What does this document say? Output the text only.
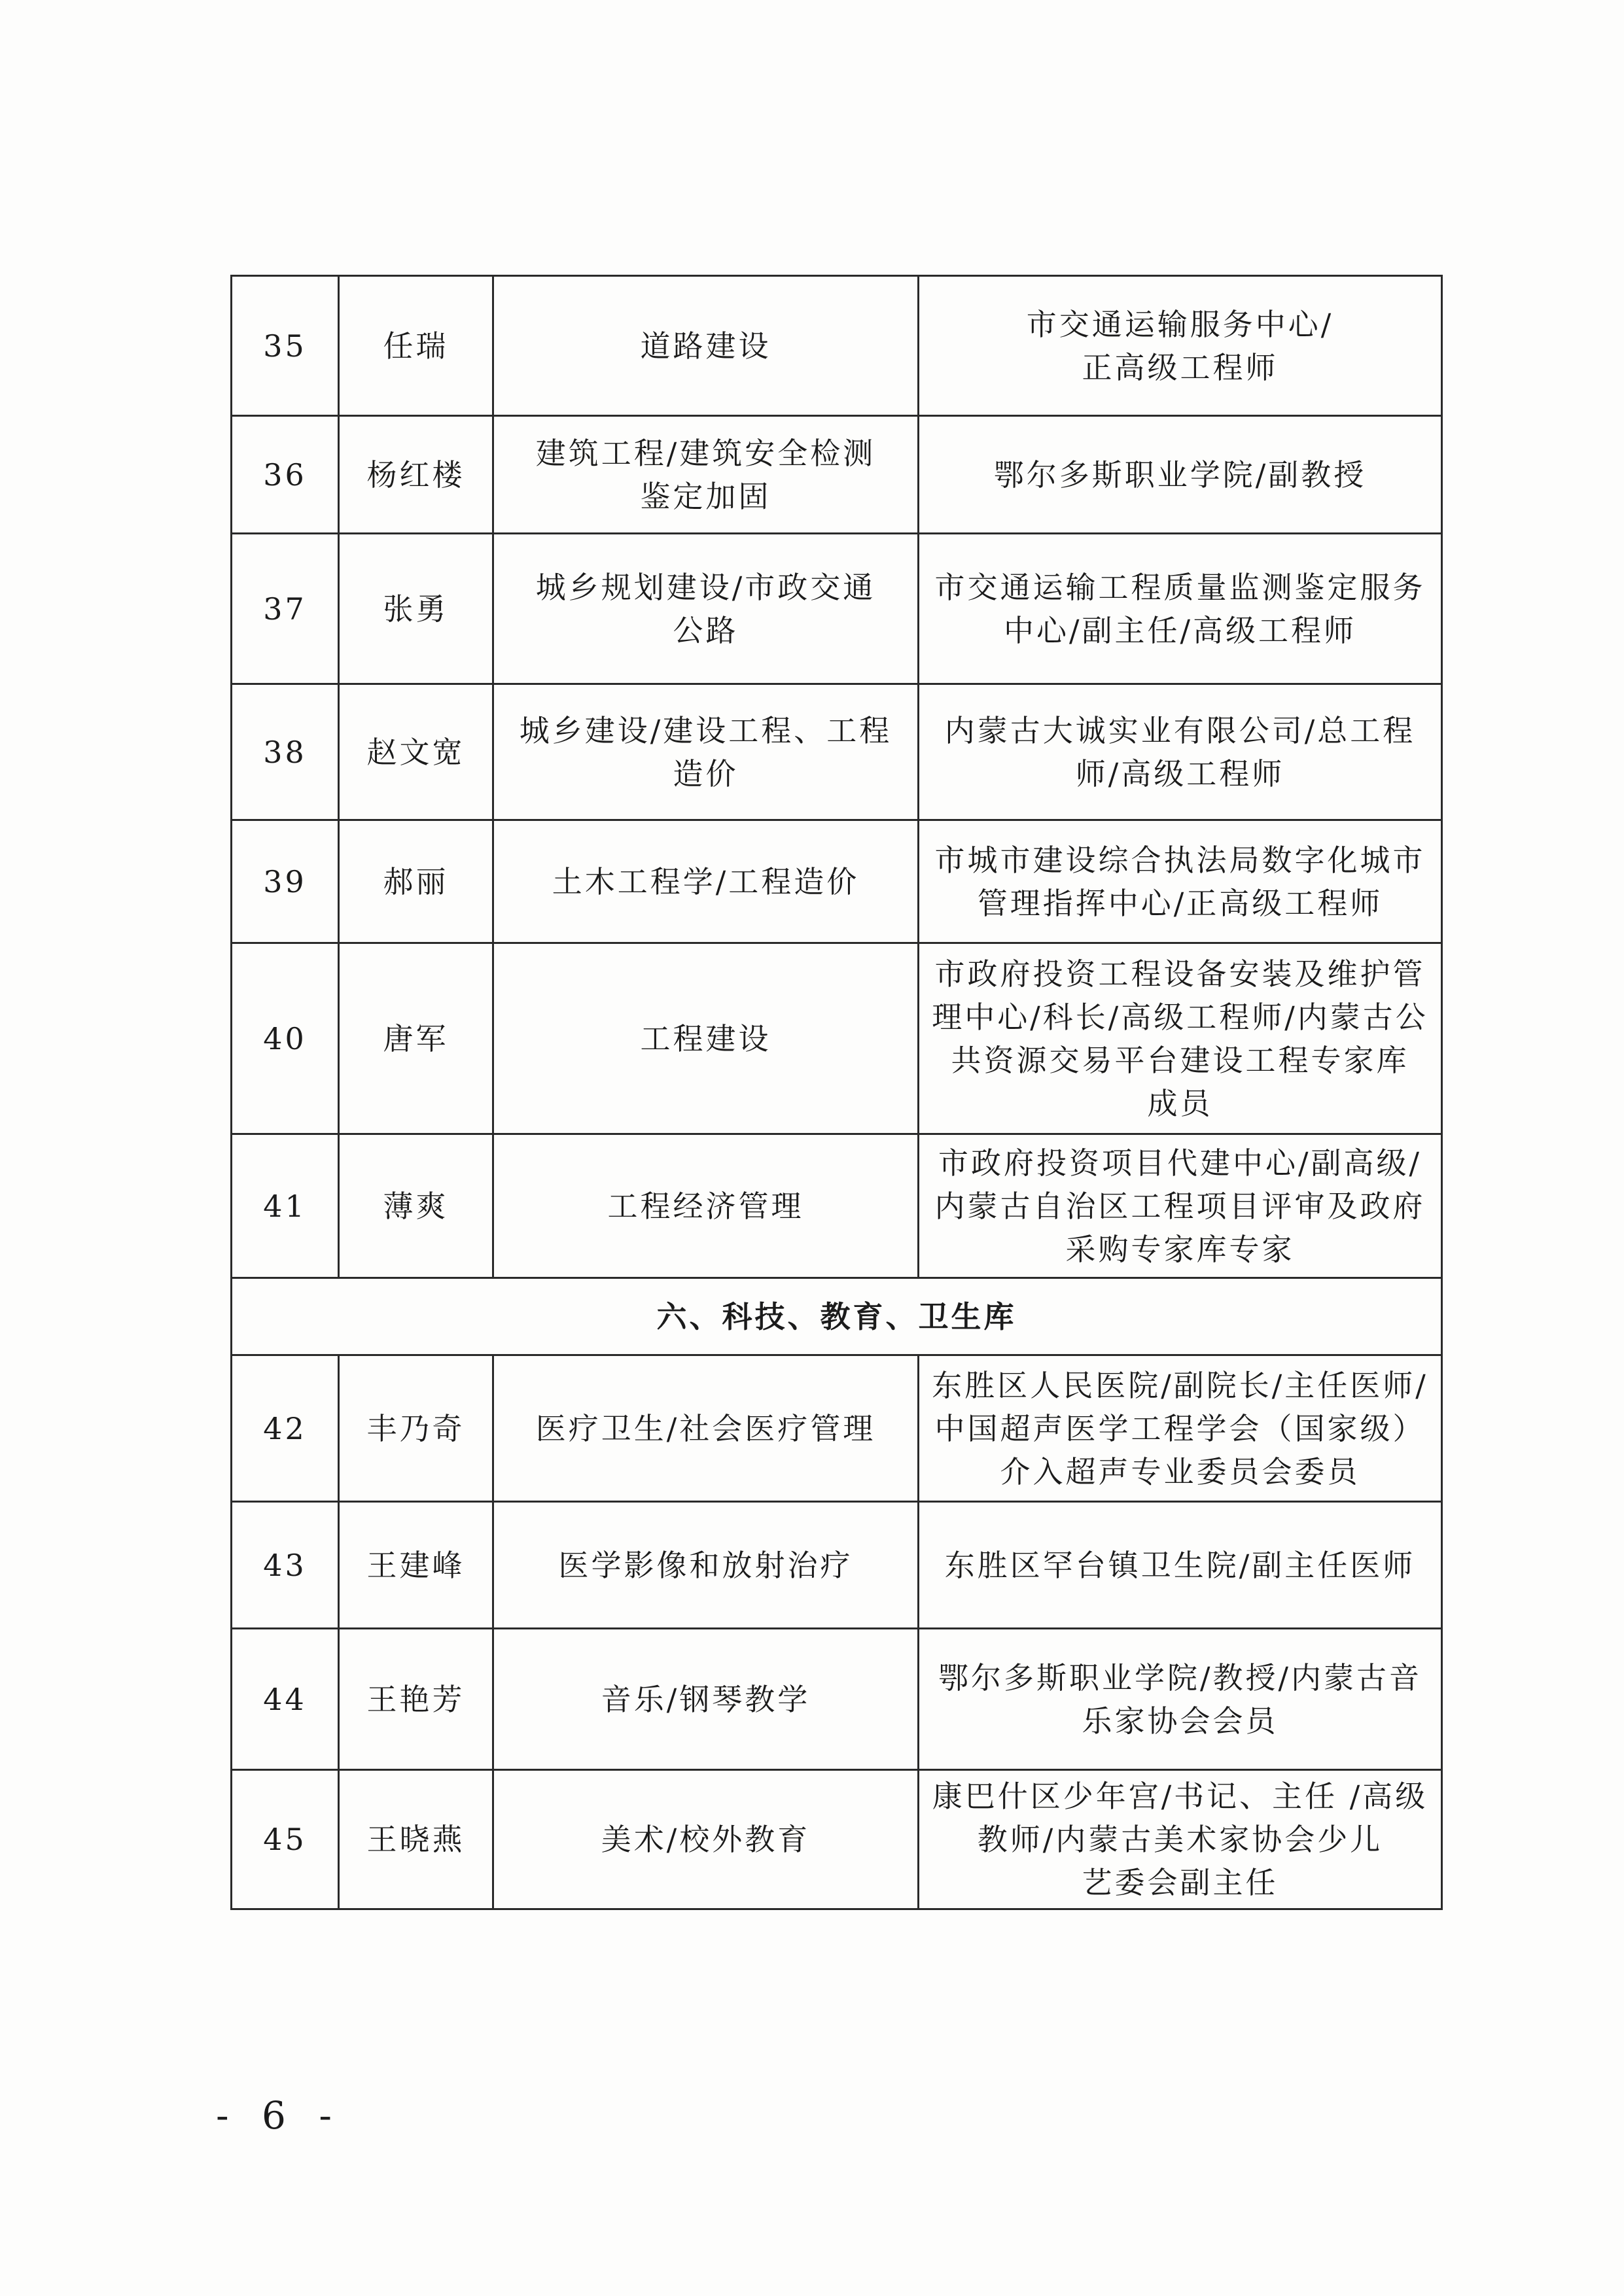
35	任瑞	道路建设	市交通运输服务中心/
正高级工程师
36	杨红楼	建筑工程/建筑安全检测
鉴定加固	鄂尔多斯职业学院/副教授
37	张勇	城乡规划建设/市政交通
公路	市交通运输工程质量监测鉴定服务
中心/副主任/高级工程师
38	赵文宽	城乡建设/建设工程、工程
造价	内蒙古大诚实业有限公司/总工程
师/高级工程师
39	郝丽	土木工程学/工程造价	市城市建设综合执法局数字化城市
管理指挥中心/正高级工程师
40	唐军	工程建设	市政府投资工程设备安装及维护管
理中心/科长/高级工程师/内蒙古公
共资源交易平台建设工程专家库
成员
41	薄爽	工程经济管理	市政府投资项目代建中心/副高级/
内蒙古自治区工程项目评审及政府
采购专家库专家
六、科技、教育、卫生库			
42	丰乃奇	医疗卫生/社会医疗管理	东胜区人民医院/副院长/主任医师/
中国超声医学工程学会（国家级）
介入超声专业委员会委员
43	王建峰	医学影像和放射治疗	东胜区罕台镇卫生院/副主任医师
44	王艳芳	音乐/钢琴教学	鄂尔多斯职业学院/教授/内蒙古音
乐家协会会员
45	王晓燕	美术/校外教育	康巴什区少年宫/书记、主任 /高级
教师/内蒙古美术家协会少儿
艺委会副主任
- 6 -
